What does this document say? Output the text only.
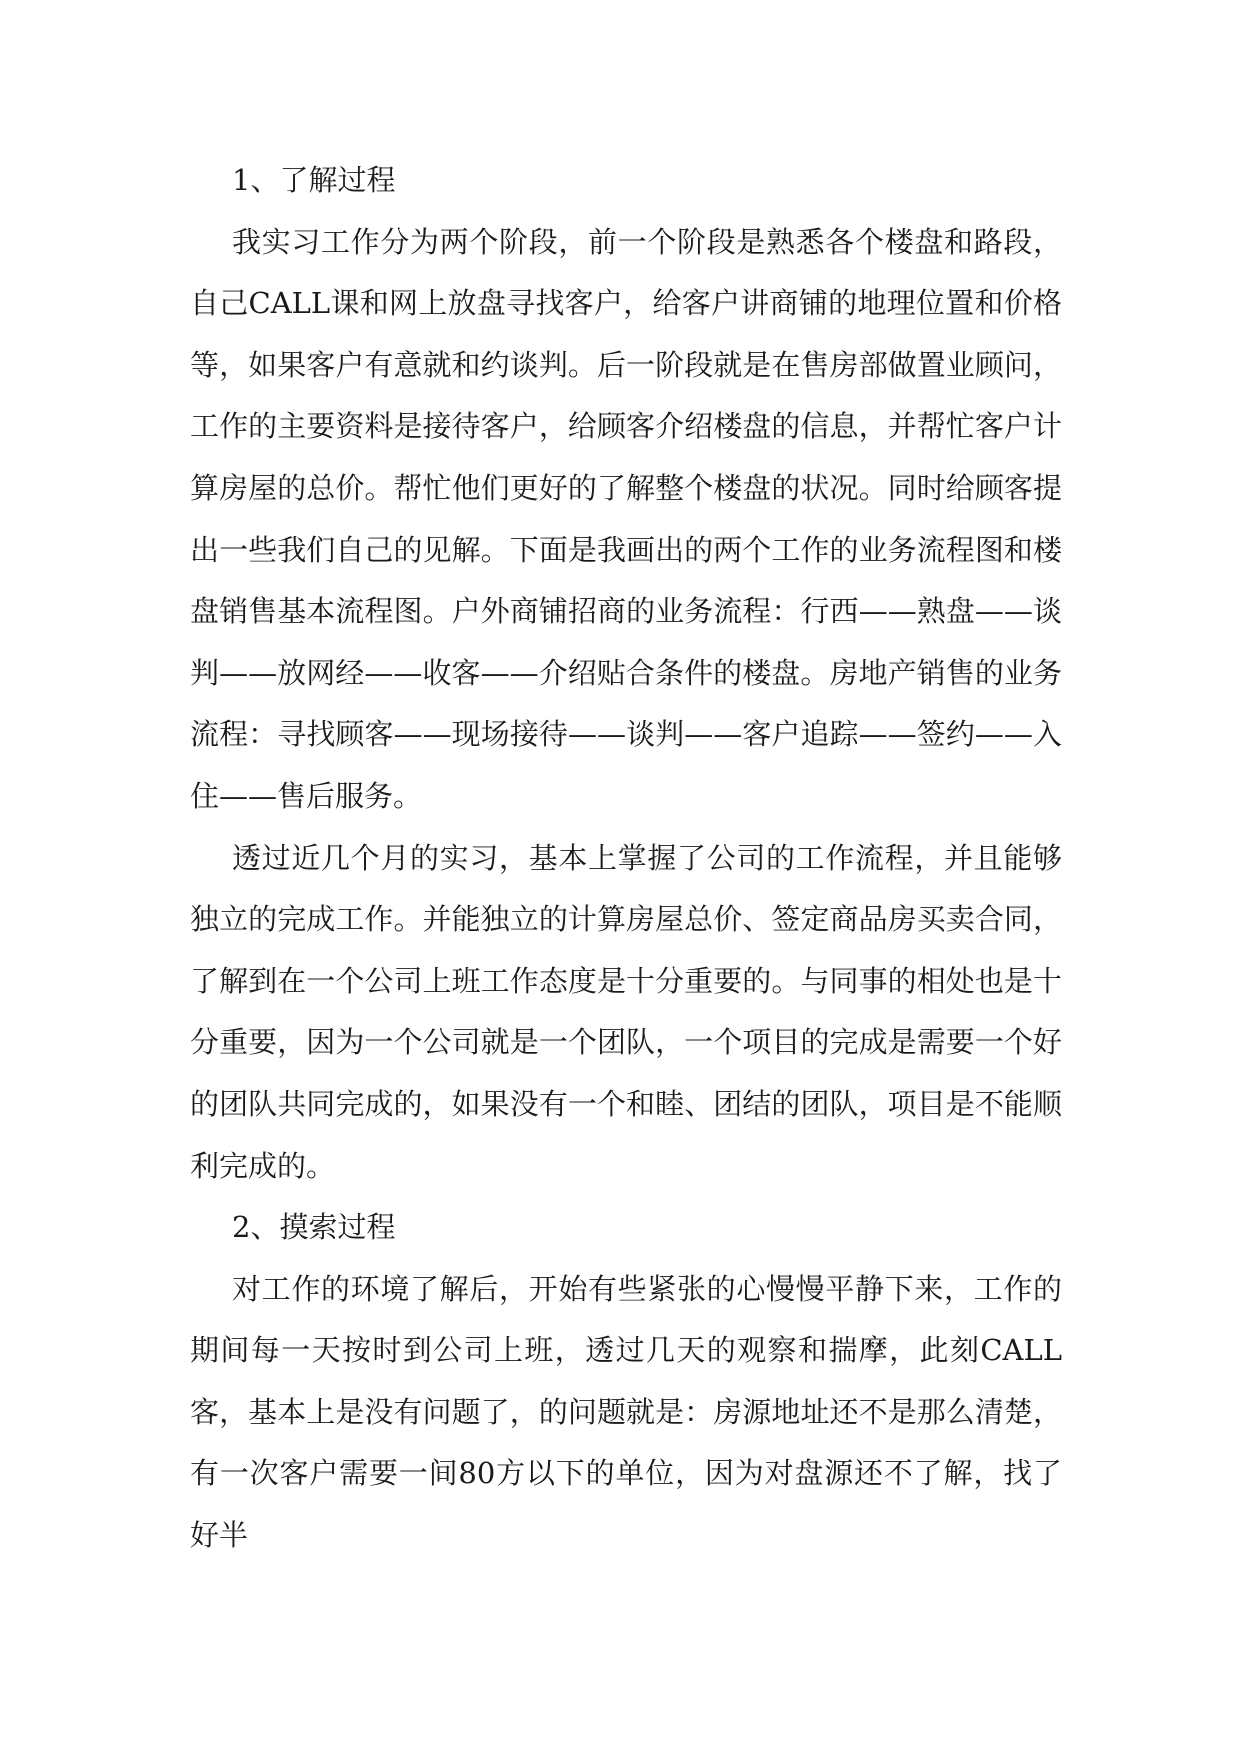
1、了解过程

我实习工作分为两个阶段，前一个阶段是熟悉各个楼盘和路段，自己CALL课和网上放盘寻找客户，给客户讲商铺的地理位置和价格等，如果客户有意就和约谈判。后一阶段就是在售房部做置业顾问，工作的主要资料是接待客户，给顾客介绍楼盘的信息，并帮忙客户计算房屋的总价。帮忙他们更好的了解整个楼盘的状况。同时给顾客提出一些我们自己的见解。下面是我画出的两个工作的业务流程图和楼盘销售基本流程图。户外商铺招商的业务流程：行西——熟盘——谈判——放网经——收客——介绍贴合条件的楼盘。房地产销售的业务流程：寻找顾客——现场接待——谈判——客户追踪——签约——入住——售后服务。

透过近几个月的实习，基本上掌握了公司的工作流程，并且能够独立的完成工作。并能独立的计算房屋总价、签定商品房买卖合同，了解到在一个公司上班工作态度是十分重要的。与同事的相处也是十分重要，因为一个公司就是一个团队，一个项目的完成是需要一个好的团队共同完成的，如果没有一个和睦、团结的团队，项目是不能顺利完成的。

2、摸索过程

对工作的环境了解后，开始有些紧张的心慢慢平静下来，工作的期间每一天按时到公司上班，透过几天的观察和揣摩，此刻CALL客，基本上是没有问题了，的问题就是：房源地址还不是那么清楚，有一次客户需要一间80方以下的单位，因为对盘源还不了解，找了好半
